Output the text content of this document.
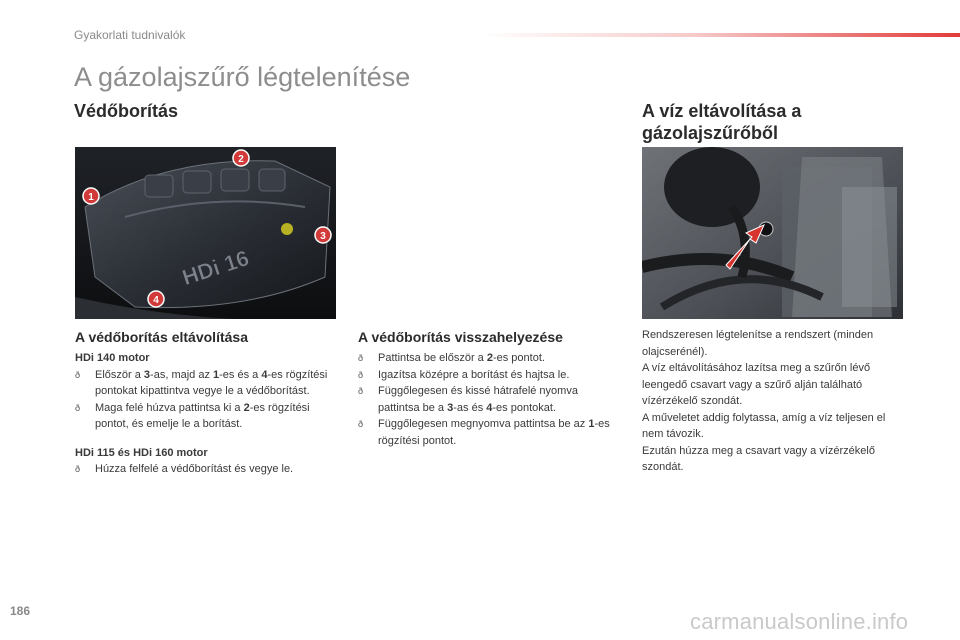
Gyakorlati tudnivalók
A gázolajszűrő légtelenítése
Védőborítás	A víz eltávolítása a
gázolajszűrőből
HDi 16
1
2
3
4
A védőborítás eltávolítása

HDi 140 motor

ð Először a 3-as, majd az 1-es és a 4-es rögzítési pontokat kipattintva vegye le a védőborítást.
ð Maga felé húzva pattintsa ki a 2-es rögzítési pontot, és emelje le a borítást.

HDi 115 és HDi 160 motor

ð Húzza felfelé a védőborítást és vegye le.
A védőborítás visszahelyezése
ð Pattintsa be először a 2-es pontot.
ð Igazítsa középre a borítást és hajtsa le.
ð Függőlegesen és kissé hátrafelé nyomva pattintsa be a 3-as és 4-es pontokat.
ð Függőlegesen megnyomva pattintsa be az 1-es rögzítési pontot.

Rendszeresen légtelenítse a rendszert (minden olajcserénél).

A víz eltávolításához lazítsa meg a szűrőn lévő leengedő csavart vagy a szűrő alján található vízérzékelő szondát.

A műveletet addig folytassa, amíg a víz teljesen el nem távozik.

Ezután húzza meg a csavart vagy a vízérzékelő szondát.

186	carmanualsonline.info
